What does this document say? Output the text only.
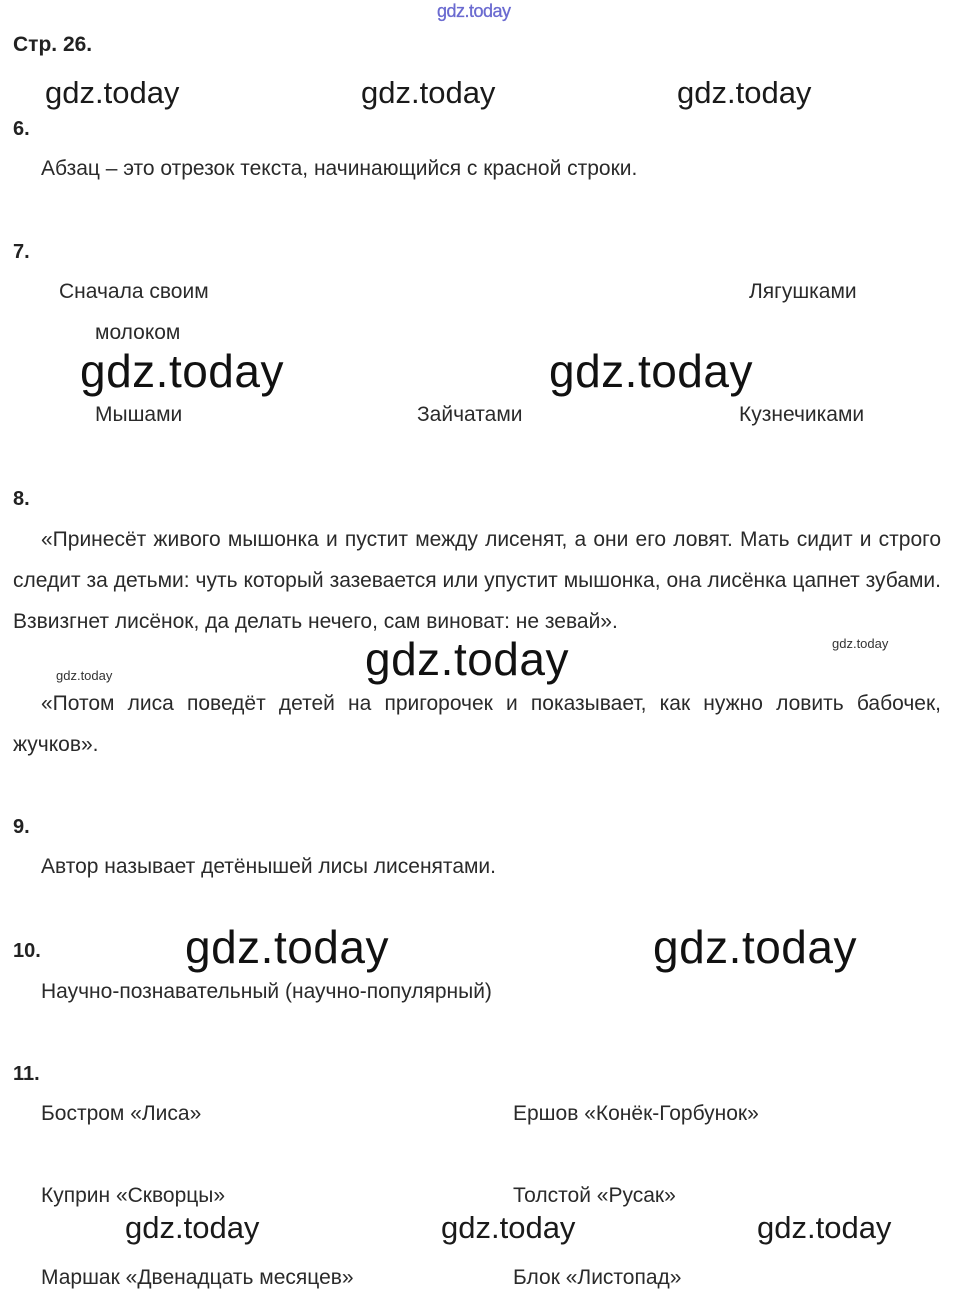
gdz.today
Стр. 26.
gdz.today	gdz.today	gdz.today
6.
Абзац – это отрезок текста, начинающийся с красной строки.
7.
Сначала своим	Лягушками
молоком
gdz.today	gdz.today
Мышами	Зайчатами	Кузнечиками
8.

«Принесёт живого мышонка и пустит между лисенят, а они его ловят. Мать сидит и строго следит за детьми: чуть который зазевается или упустит мышонка, она лисёнка цапнет зубами. Взвизгнет лисёнок, да делать нечего, сам виноват: не зевай».

«Потом лиса поведёт детей на пригорочек и показывает, как нужно ловить бабочек, жучков».

gdz.today	gdz.today
gdz.today
9.
Автор называет детёнышей лисы лисенятами.
10.	gdz.today	gdz.today
Научно-познавательный (научно-популярный)
11.
Бостром «Лиса»	Ершов «Конёк-Горбунок»
Куприн «Скворцы»	Толстой «Русак»
gdz.today	gdz.today	gdz.today
Маршак «Двенадцать месяцев»	Блок «Листопад»
